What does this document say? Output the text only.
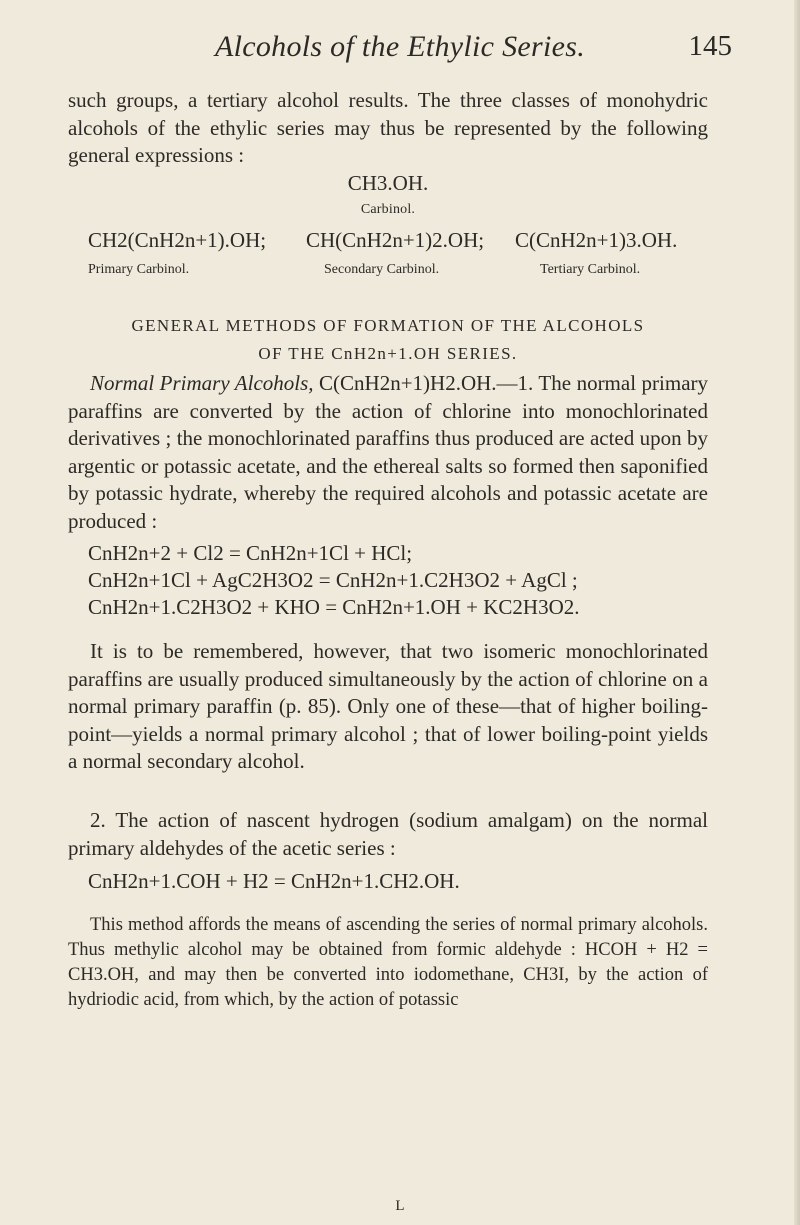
Alcohols of the Ethylic Series.	145

such groups, a tertiary alcohol results. The three classes of monohydric alcohols of the ethylic series may thus be represented by the following general expressions :

CH3.OH.
Carbinol.
CH2(CnH2n+1).OH; CH(CnH2n+1)2.OH; C(CnH2n+1)3.OH.
Primary Carbinol.	Secondary Carbinol.	Tertiary Carbinol.
GENERAL METHODS OF FORMATION OF THE ALCOHOLS
OF THE CnH2n+1.OH SERIES.

Normal Primary Alcohols, C(CnH2n+1)H2.OH.—1. The normal primary paraffins are converted by the action of chlorine into monochlorinated derivatives ; the monochlorinated paraffins thus produced are acted upon by argentic or potassic acetate, and the ethereal salts so formed then saponified by potassic hydrate, whereby the required alcohols and potassic acetate are produced :

CnH2n+2 + Cl2 = CnH2n+1Cl + HCl;
CnH2n+1Cl + AgC2H3O2 = CnH2n+1.C2H3O2 + AgCl ;
CnH2n+1.C2H3O2 + KHO = CnH2n+1.OH + KC2H3O2.

It is to be remembered, however, that two isomeric monochlorinated paraffins are usually produced simultaneously by the action of chlorine on a normal primary paraffin (p. 85). Only one of these—that of higher boiling-point—yields a normal primary alcohol ; that of lower boiling-point yields a normal secondary alcohol.

2. The action of nascent hydrogen (sodium amalgam) on the normal primary aldehydes of the acetic series :

CnH2n+1.COH + H2 = CnH2n+1.CH2.OH.

This method affords the means of ascending the series of normal primary alcohols. Thus methylic alcohol may be obtained from formic aldehyde : HCOH + H2 = CH3.OH, and may then be converted into iodomethane, CH3I, by the action of hydriodic acid, from which, by the action of potassic

L
